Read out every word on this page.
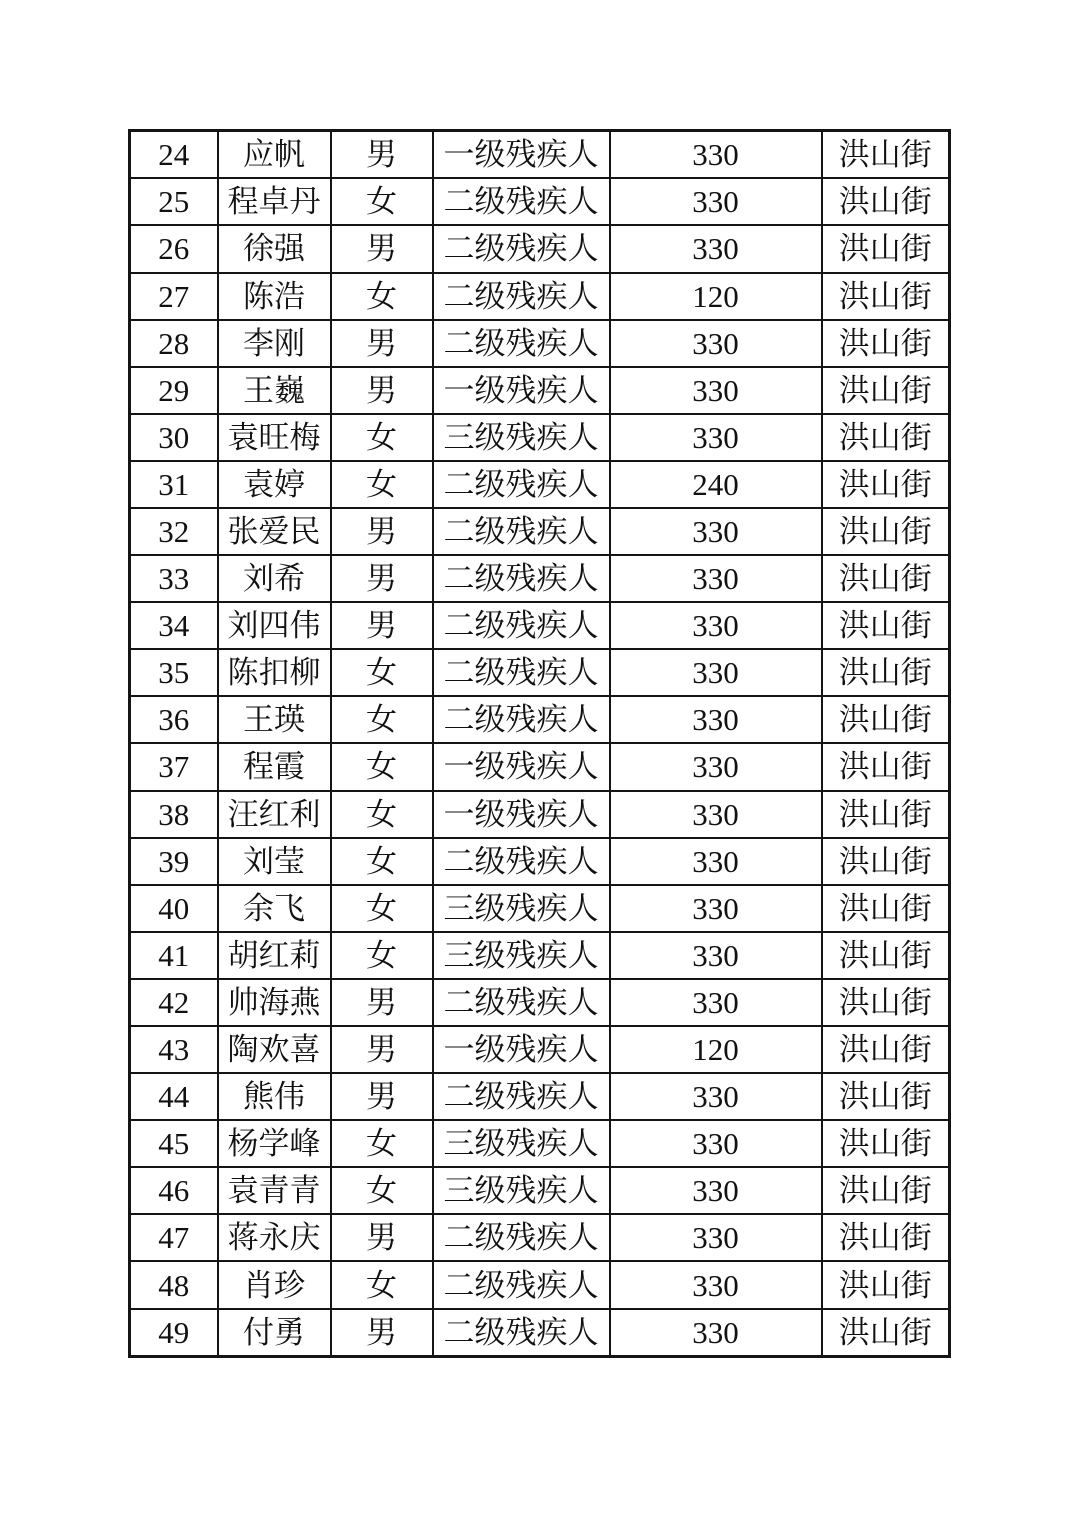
24	应帆	男	一级残疾人	330	洪山街
25	程卓丹	女	二级残疾人	330	洪山街
26	徐强	男	二级残疾人	330	洪山街
27	陈浩	女	二级残疾人	120	洪山街
28	李刚	男	二级残疾人	330	洪山街
29	王巍	男	一级残疾人	330	洪山街
30	袁旺梅	女	三级残疾人	330	洪山街
31	袁婷	女	二级残疾人	240	洪山街
32	张爱民	男	二级残疾人	330	洪山街
33	刘希	男	二级残疾人	330	洪山街
34	刘四伟	男	二级残疾人	330	洪山街
35	陈扣柳	女	二级残疾人	330	洪山街
36	王瑛	女	二级残疾人	330	洪山街
37	程霞	女	一级残疾人	330	洪山街
38	汪红利	女	一级残疾人	330	洪山街
39	刘莹	女	二级残疾人	330	洪山街
40	余飞	女	三级残疾人	330	洪山街
41	胡红莉	女	三级残疾人	330	洪山街
42	帅海燕	男	二级残疾人	330	洪山街
43	陶欢喜	男	一级残疾人	120	洪山街
44	熊伟	男	二级残疾人	330	洪山街
45	杨学峰	女	三级残疾人	330	洪山街
46	袁青青	女	三级残疾人	330	洪山街
47	蒋永庆	男	二级残疾人	330	洪山街
48	肖珍	女	二级残疾人	330	洪山街
49	付勇	男	二级残疾人	330	洪山街
